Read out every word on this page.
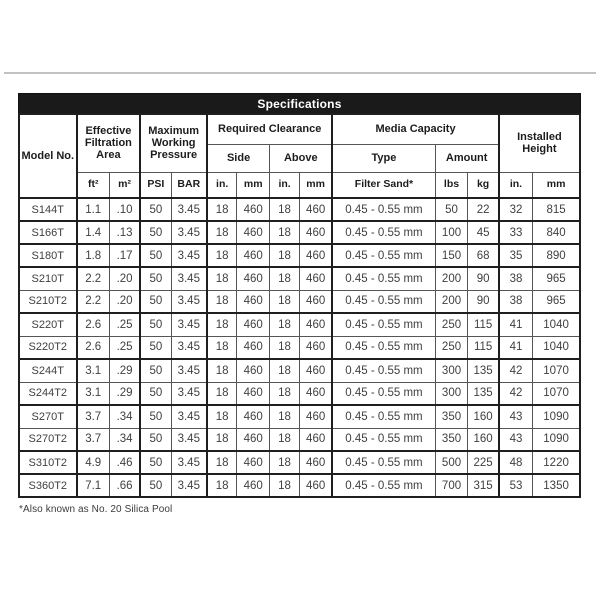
Specifications
Model No.	Effective Filtration Area		Maximum Working Pressure		Required Clearance				Media Capacity			Installed Height	
					Side		Above		Type	Amount			
	ft²	m²	PSI	BAR	in.	mm	in.	mm	Filter Sand*	lbs	kg	in.	mm
S144T	1.1	.10	50	3.45	18	460	18	460	0.45 - 0.55 mm	50	22	32	815
S166T	1.4	.13	50	3.45	18	460	18	460	0.45 - 0.55 mm	100	45	33	840
S180T	1.8	.17	50	3.45	18	460	18	460	0.45 - 0.55 mm	150	68	35	890
S210T	2.2	.20	50	3.45	18	460	18	460	0.45 - 0.55 mm	200	90	38	965
S210T2	2.2	.20	50	3.45	18	460	18	460	0.45 - 0.55 mm	200	90	38	965
S220T	2.6	.25	50	3.45	18	460	18	460	0.45 - 0.55 mm	250	115	41	1040
S220T2	2.6	.25	50	3.45	18	460	18	460	0.45 - 0.55 mm	250	115	41	1040
S244T	3.1	.29	50	3.45	18	460	18	460	0.45 - 0.55 mm	300	135	42	1070
S244T2	3.1	.29	50	3.45	18	460	18	460	0.45 - 0.55 mm	300	135	42	1070
S270T	3.7	.34	50	3.45	18	460	18	460	0.45 - 0.55 mm	350	160	43	1090
S270T2	3.7	.34	50	3.45	18	460	18	460	0.45 - 0.55 mm	350	160	43	1090
S310T2	4.9	.46	50	3.45	18	460	18	460	0.45 - 0.55 mm	500	225	48	1220
S360T2	7.1	.66	50	3.45	18	460	18	460	0.45 - 0.55 mm	700	315	53	1350
*Also known as No. 20 Silica Pool
